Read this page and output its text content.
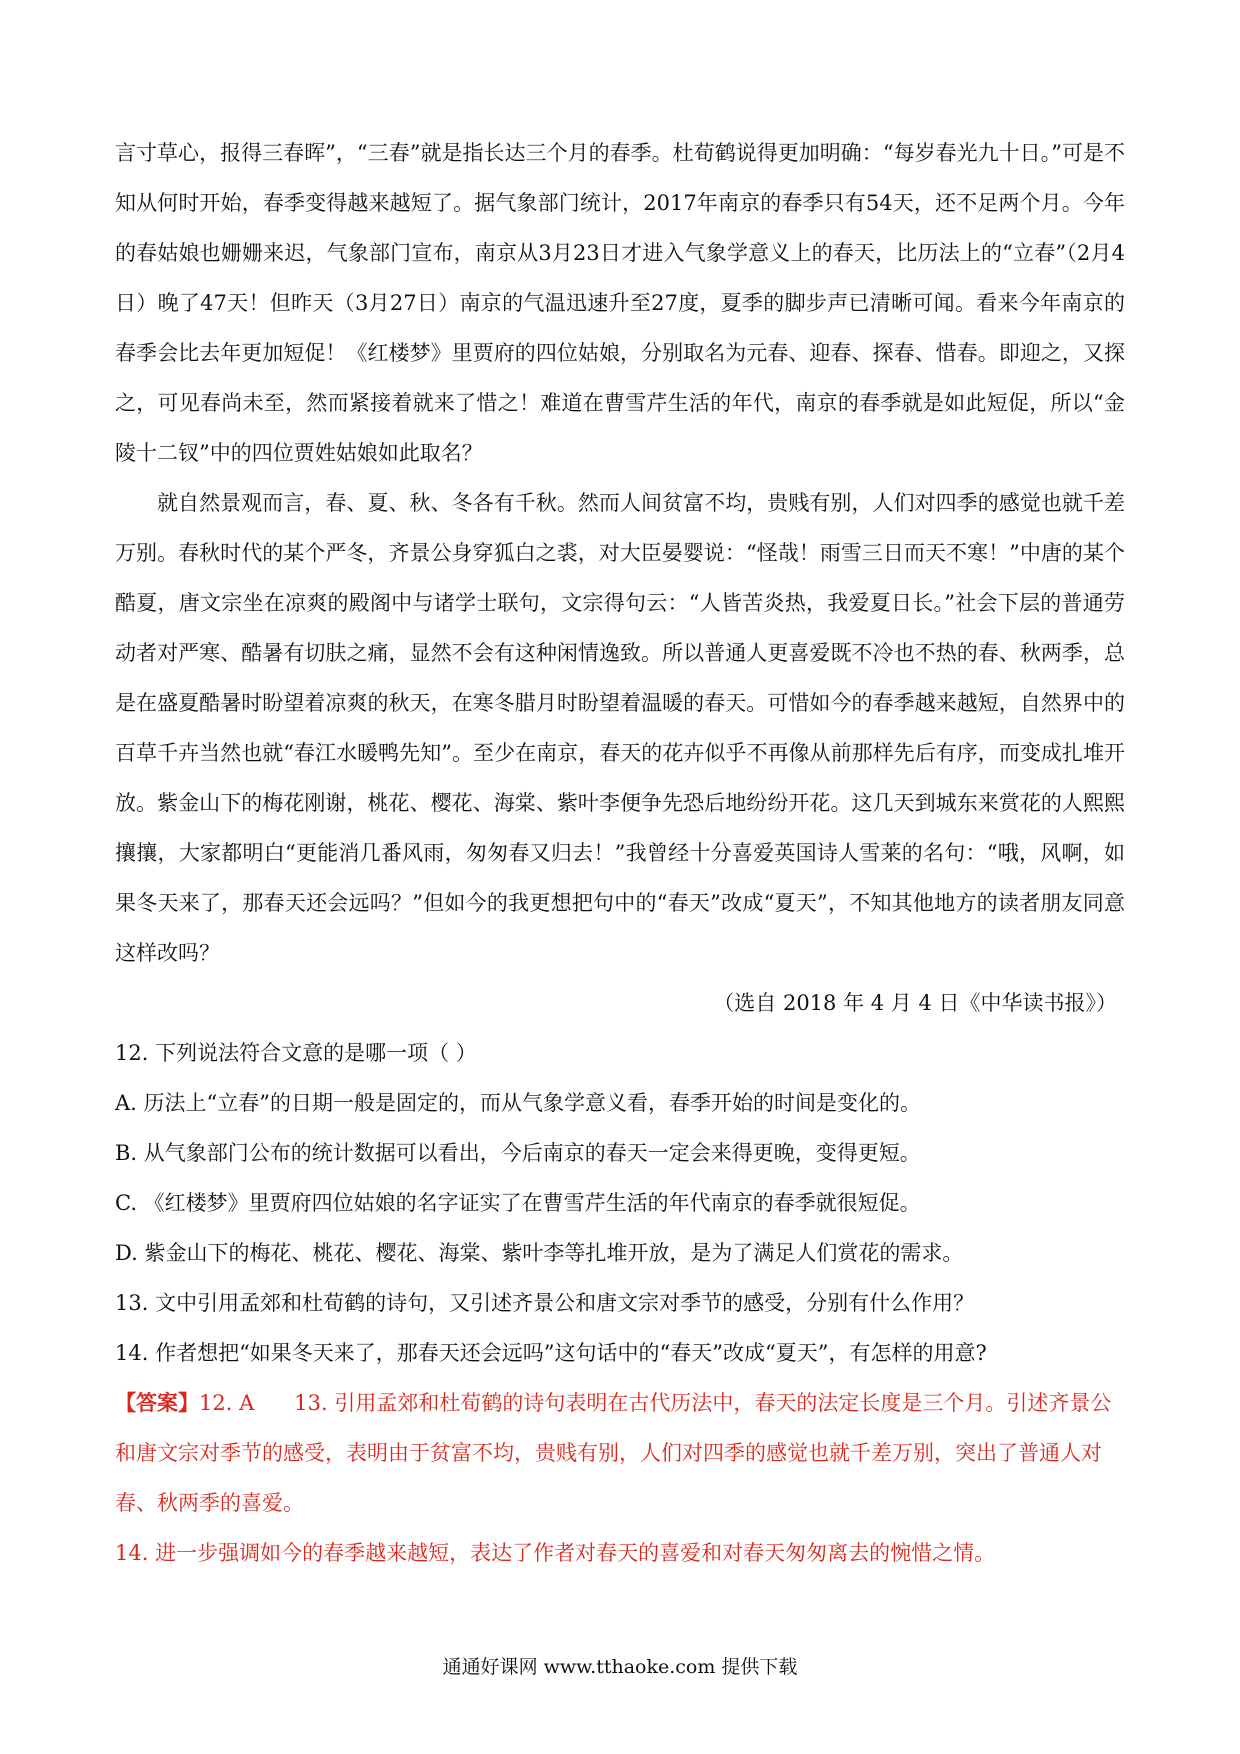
言寸草心，报得三春晖”，“三春”就是指长达三个月的春季。杜荀鹤说得更加明确：“每岁春光九十日。”可是不知从何时开始，春季变得越来越短了。据气象部门统计，2017年南京的春季只有54天，还不足两个月。今年的春姑娘也姗姗来迟，气象部门宣布，南京从3月23日才进入气象学意义上的春天，比历法上的“立春”（2月4日）晚了47天！但昨天（3月27日）南京的气温迅速升至27度，夏季的脚步声已清晰可闻。看来今年南京的春季会比去年更加短促！《红楼梦》里贾府的四位姑娘，分别取名为元春、迎春、探春、惜春。即迎之，又探之，可见春尚未至，然而紧接着就来了惜之！难道在曹雪芹生活的年代，南京的春季就是如此短促，所以“金陵十二钗”中的四位贾姓姑娘如此取名？

就自然景观而言，春、夏、秋、冬各有千秋。然而人间贫富不均，贵贱有别，人们对四季的感觉也就千差万别。春秋时代的某个严冬，齐景公身穿狐白之裘，对大臣晏婴说：“怪哉！雨雪三日而天不寒！”中唐的某个酷夏，唐文宗坐在凉爽的殿阁中与诸学士联句，文宗得句云：“人皆苦炎热，我爱夏日长。”社会下层的普通劳动者对严寒、酷暑有切肤之痛，显然不会有这种闲情逸致。所以普通人更喜爱既不冷也不热的春、秋两季，总是在盛夏酷暑时盼望着凉爽的秋天，在寒冬腊月时盼望着温暖的春天。可惜如今的春季越来越短，自然界中的百草千卉当然也就“春江水暖鸭先知”。至少在南京，春天的花卉似乎不再像从前那样先后有序，而变成扎堆开放。紫金山下的梅花刚谢，桃花、樱花、海棠、紫叶李便争先恐后地纷纷开花。这几天到城东来赏花的人熙熙攘攘，大家都明白“更能消几番风雨，匆匆春又归去！”我曾经十分喜爱英国诗人雪莱的名句：“哦，风啊，如果冬天来了，那春天还会远吗？”但如今的我更想把句中的“春天”改成“夏天”，不知其他地方的读者朋友同意这样改吗？

（选自 2018 年 4 月 4 日《中华读书报》）

12. 下列说法符合文意的是哪一项（ ）

A. 历法上“立春”的日期一般是固定的，而从气象学意义看，春季开始的时间是变化的。

B. 从气象部门公布的统计数据可以看出，今后南京的春天一定会来得更晚，变得更短。

C. 《红楼梦》里贾府四位姑娘的名字证实了在曹雪芹生活的年代南京的春季就很短促。

D. 紫金山下的梅花、桃花、樱花、海棠、紫叶李等扎堆开放，是为了满足人们赏花的需求。

13. 文中引用孟郊和杜荀鹤的诗句，又引述齐景公和唐文宗对季节的感受，分别有什么作用？

14. 作者想把“如果冬天来了，那春天还会远吗”这句话中的“春天”改成“夏天”，有怎样的用意?

【答案】12. A      13. 引用孟郊和杜荀鹤的诗句表明在古代历法中，春天的法定长度是三个月。引述齐景公和唐文宗对季节的感受，表明由于贫富不均，贵贱有别，人们对四季的感觉也就千差万别，突出了普通人对春、秋两季的喜爱。

14. 进一步强调如今的春季越来越短，表达了作者对春天的喜爱和对春天匆匆离去的惋惜之情。

通通好课网 www.tthaoke.com 提供下载
